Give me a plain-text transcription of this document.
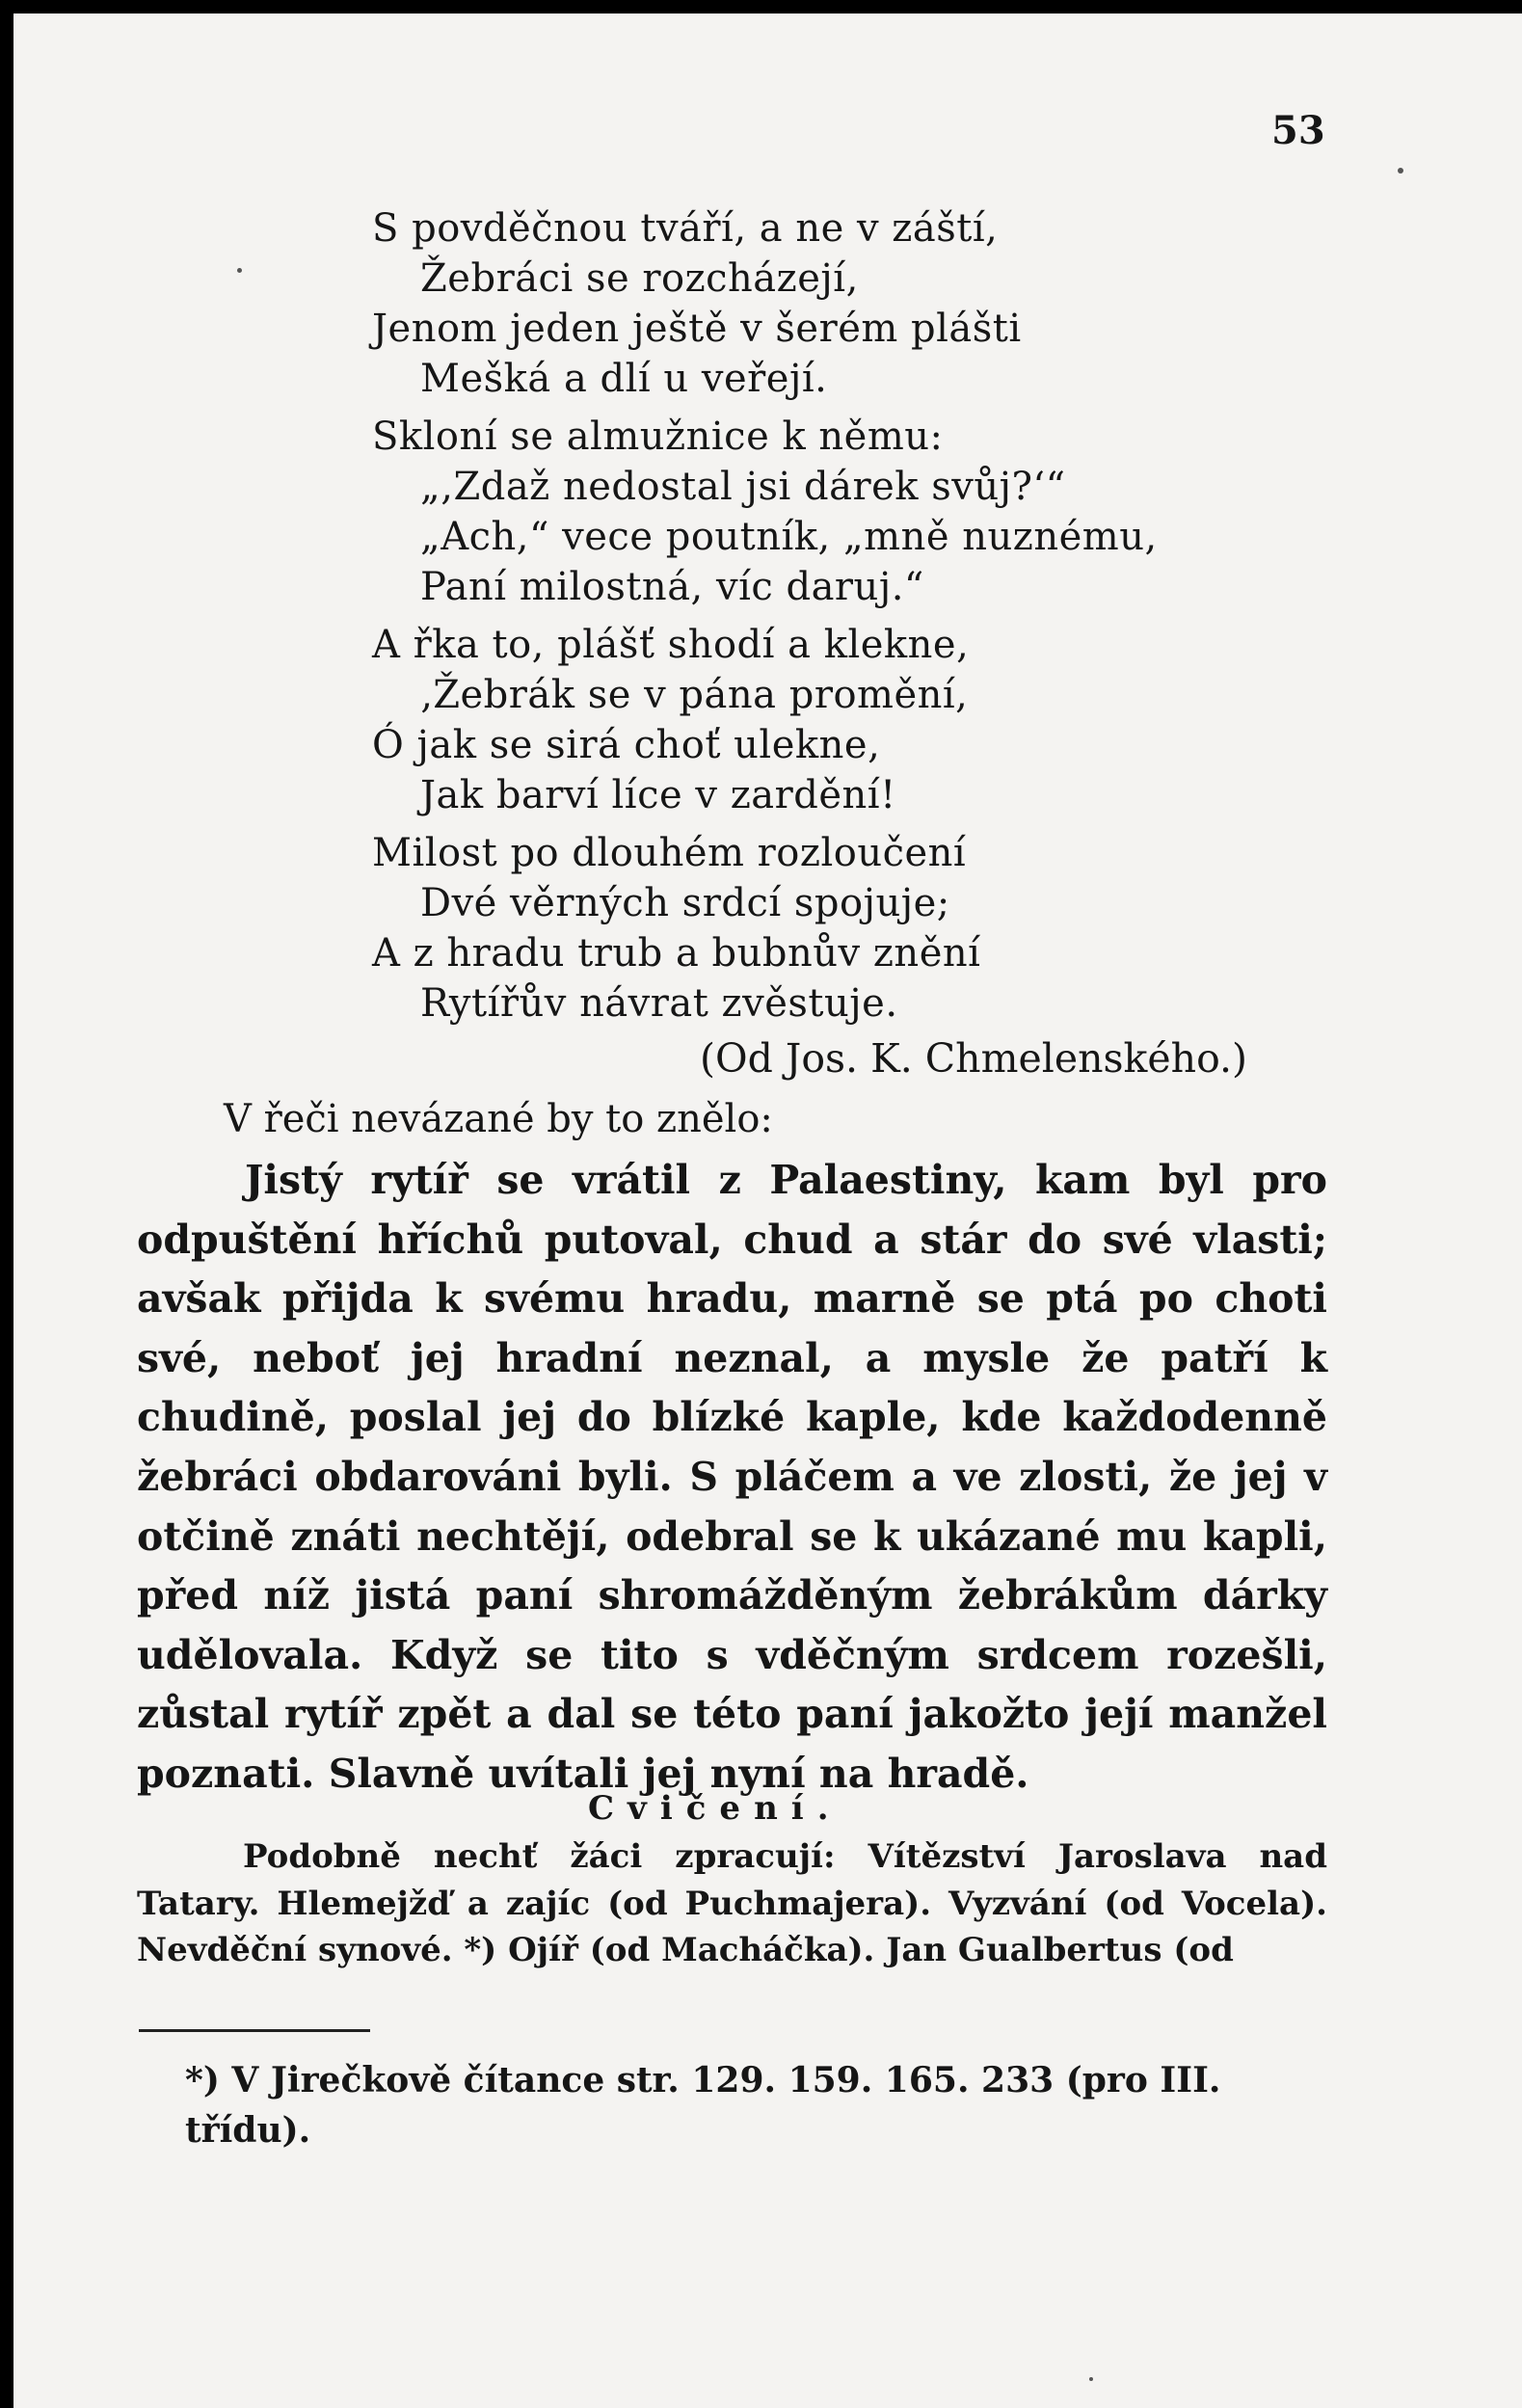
53
S povděčnou tváří, a ne v záští,
Žebráci se rozcházejí,
Jenom jeden ještě v šerém plášti
Mešká a dlí u veřejí.
Skloní se almužnice k němu:
„,Zdaž nedostal jsi dárek svůj?‘“
„Ach,“ vece poutník, „mně nuznému,
Paní milostná, víc daruj.“
A řka to, plášť shodí a klekne,
‚Žebrák se v pána promění,
Ó jak se sirá choť ulekne,
Jak barví líce v zardění!
Milost po dlouhém rozloučení
Dvé věrných srdcí spojuje;
A z hradu trub a bubnův znění
Rytířův návrat zvěstuje.
(Od Jos. K. Chmelenského.)
V řeči nevázané by to znělo:
Jistý rytíř se vrátil z Palaestiny, kam byl pro odpuštění hříchů putoval, chud a stár do své vlasti; avšak přijda k svému hradu, marně se ptá po choti své, neboť jej hradní neznal, a mysle že patří k chudině, poslal jej do blízké kaple, kde každodenně žebráci obdarováni byli. S pláčem a ve zlosti, že jej v otčině znáti nechtějí, odebral se k ukázané mu kapli, před níž jistá paní shromážděným žebrákům dárky udělovala. Když se tito s vděčným srdcem rozešli, zůstal rytíř zpět a dal se této paní jakožto její manžel poznati. Slavně uvítali jej nyní na hradě.
Cvičení.
Podobně nechť žáci zpracují: Vítězství Jaroslava nad Tatary. Hlemejžď a zajíc (od Puchmajera). Vyzvání (od Vocela). Nevděční synové. *) Ojíř (od Macháčka). Jan Gualbertus (od
*) V Jirečkově čítance str. 129. 159. 165. 233 (pro III. třídu).
